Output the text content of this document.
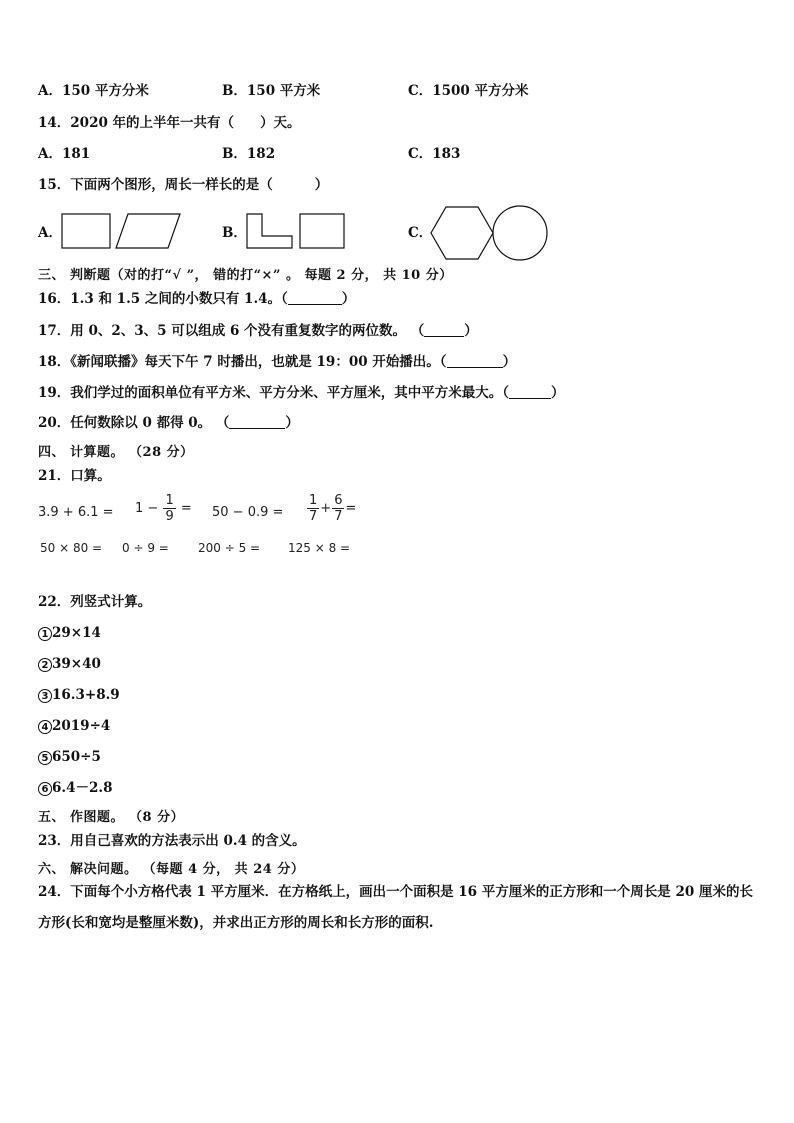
A．150 平方分米	B．150 平方米	C．1500 平方分米
14．2020 年的上半年一共有（ ）天。
A．181	B．182	C．183
15．下面两个图形，周长一样长的是（	）
A．	B．	C．
三、 判断题（对的打“√ ”， 错的打“×” 。 每题 2 分， 共 10 分）
16．1.3 和 1.5 之间的小数只有 1.4。（	）
17．用 0、2、3、5 可以组成 6 个没有重复数字的两位数。 （	）
18．《新闻联播》每天下午 7 时播出，也就是 19：00 开始播出。（	）
19．我们学过的面积单位有平方米、平方分米、平方厘米，其中平方米最大。（	）
20．任何数除以 0 都得 0。 （	）
四、 计算题。 （28 分）
21．口算。
$3.9 + 6.1 = 1 - \frac{1}{9} = 50 - 0.9 = \frac{1}{7} + \frac{6}{7}$ =
50 × 80 = 0 ÷ 9 = 200 ÷ 5 = 125 × 8 =
22．列竖式计算。
1 29×14
2 39×40
3 16.3+8.9
4 2019÷4
5 650÷5
6 6.4－2.8
五、 作图题。 （8 分）
23．用自己喜欢的方法表示出 0.4 的含义。
六、 解决问题。 （每题 4 分， 共 24 分）
24．下面每个小方格代表 1 平方厘米．在方格纸上，画出一个面积是 16 平方厘米的正方形和一个周长是 20 厘米的长方形(长和宽均是整厘米数)，并求出正方形的周长和长方形的面积.
